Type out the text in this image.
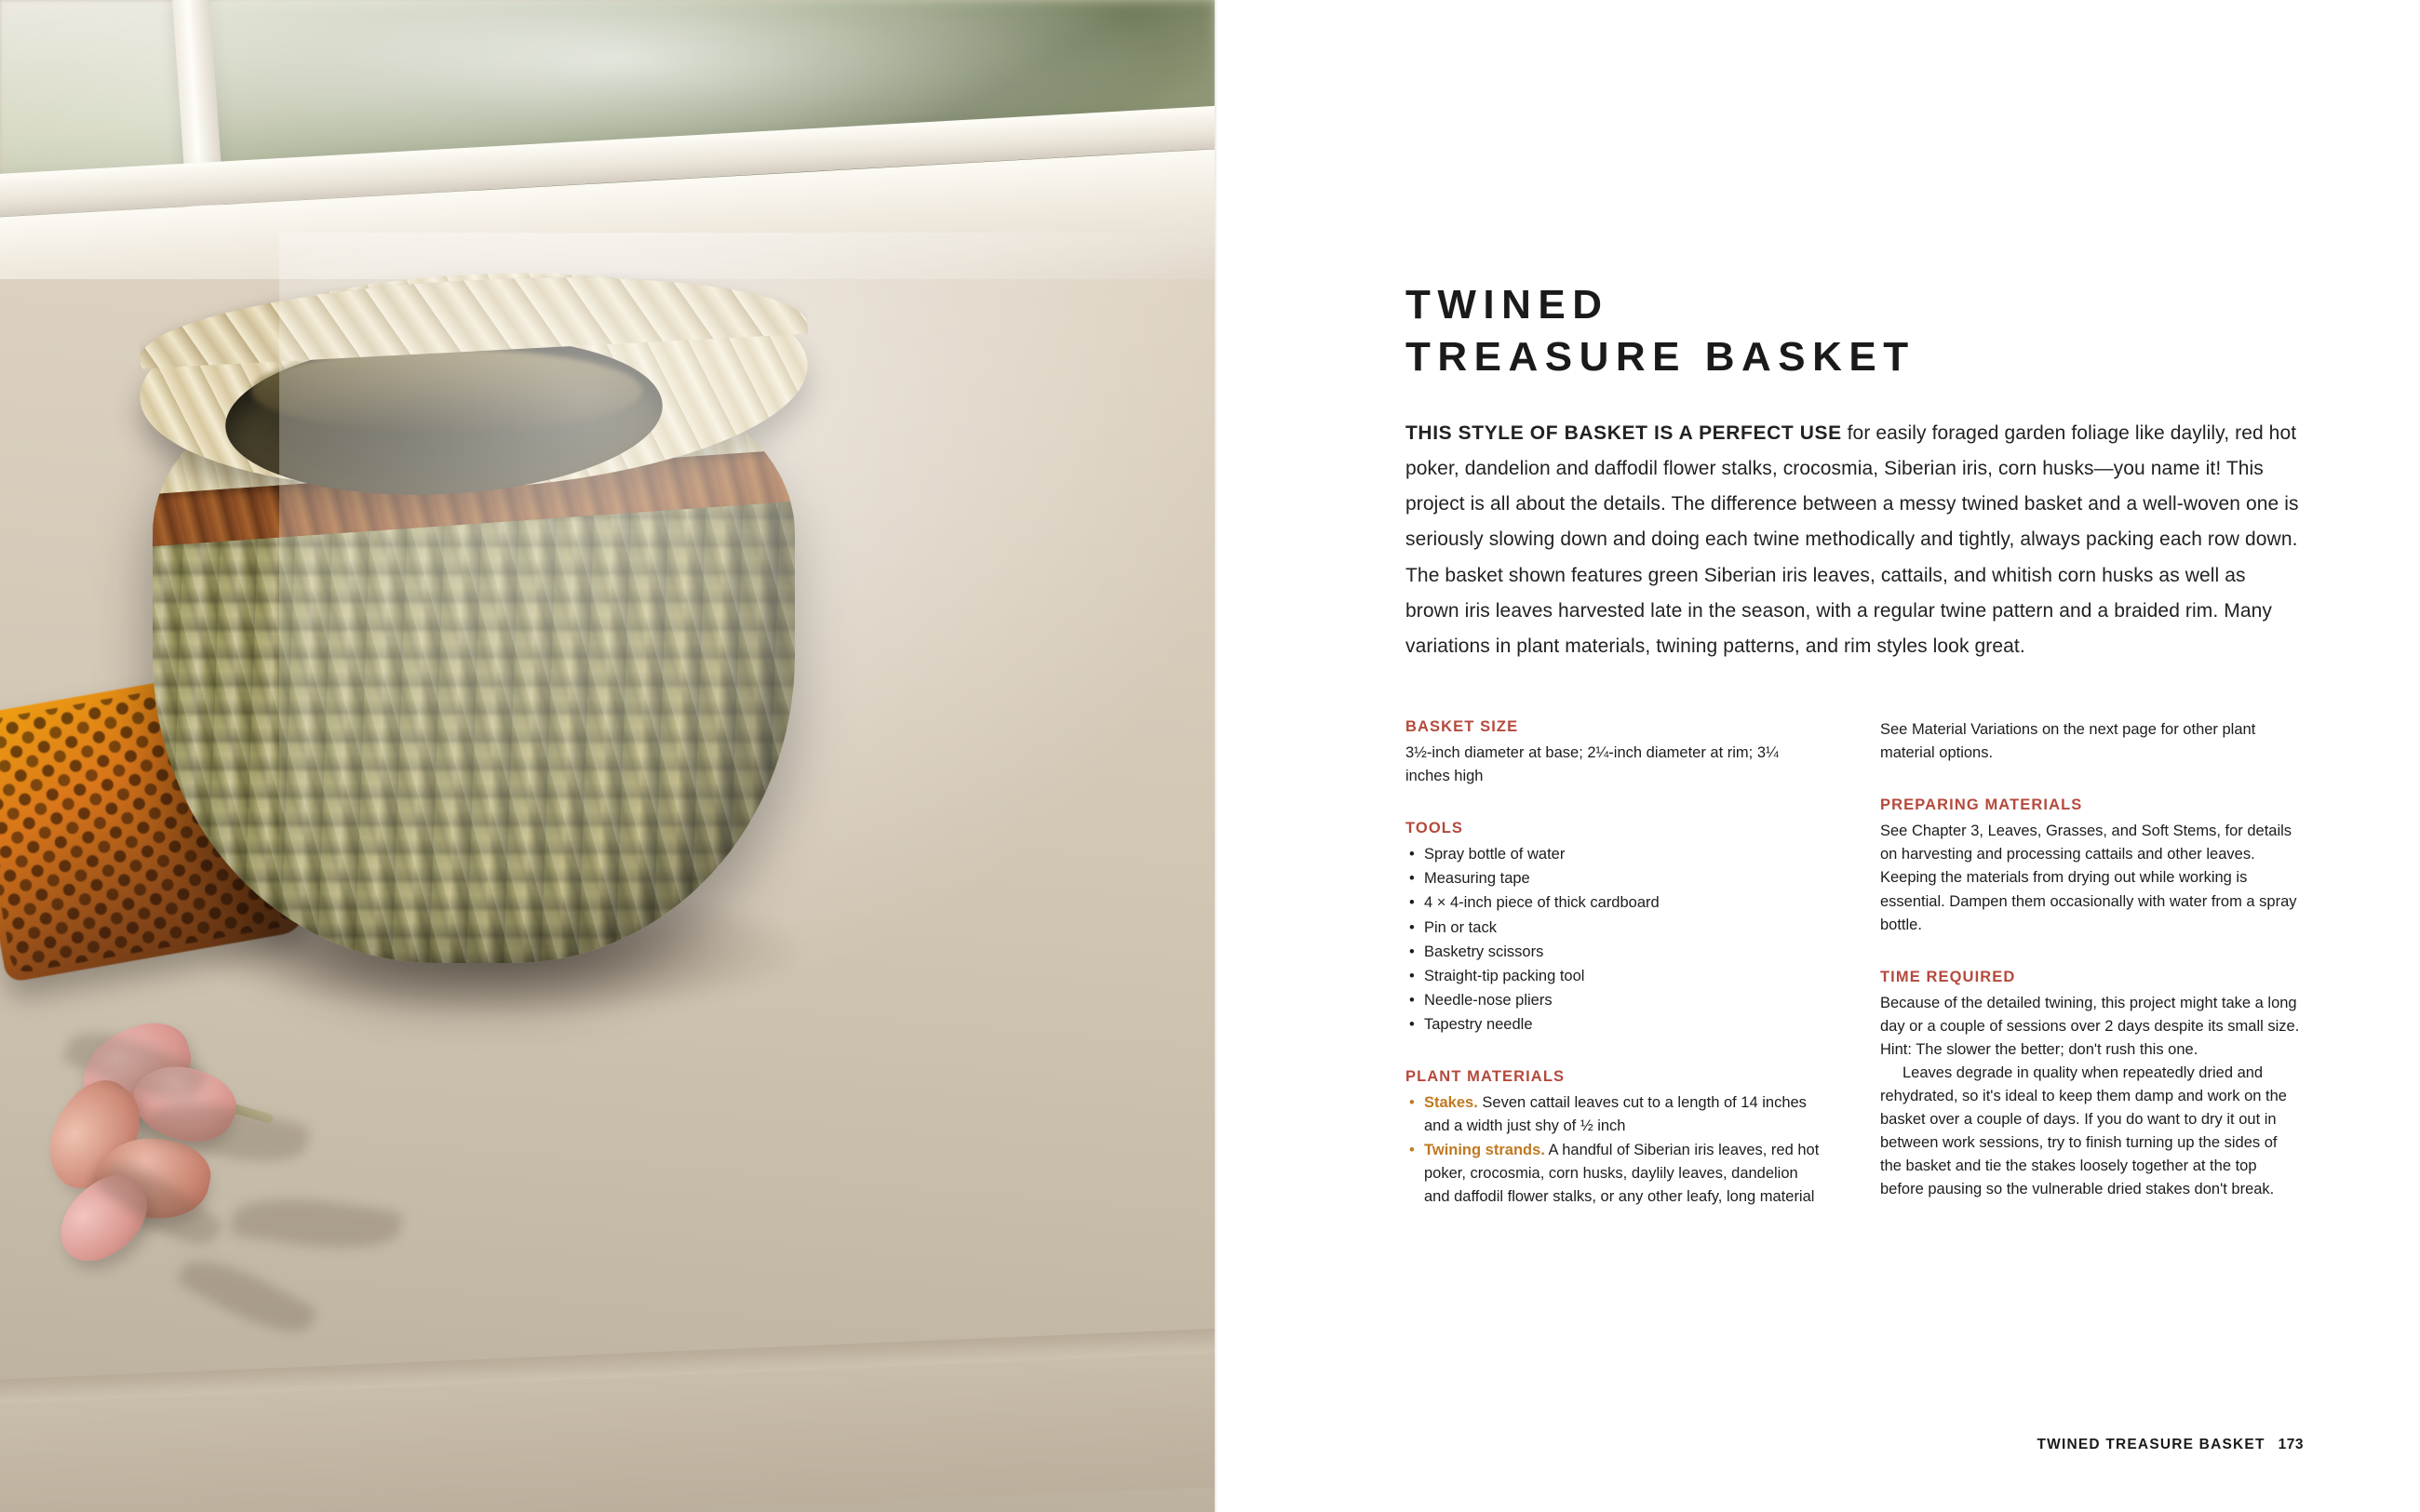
TWINED
TREASURE BASKET

THIS STYLE OF BASKET IS A PERFECT USE for easily foraged garden foliage like daylily, red hot poker, dandelion and daffodil flower stalks, crocosmia, Siberian iris, corn husks—you name it! This project is all about the details. The difference between a messy twined basket and a well-woven one is seriously slowing down and doing each twine methodically and tightly, always packing each row down. The basket shown features green Siberian iris leaves, cattails, and whitish corn husks as well as brown iris leaves harvested late in the season, with a regular twine pattern and a braided rim. Many variations in plant materials, twining patterns, and rim styles look great.

BASKET SIZE

3½-inch diameter at base; 2¼-inch diameter at rim; 3¼ inches high

TOOLS
• Spray bottle of water
• Measuring tape
• 4 × 4-inch piece of thick cardboard
• Pin or tack
• Basketry scissors
• Straight-tip packing tool
• Needle-nose pliers
• Tapestry needle
PLANT MATERIALS
• Stakes. Seven cattail leaves cut to a length of 14 inches and a width just shy of ½ inch
• Twining strands. A handful of Siberian iris leaves, red hot poker, crocosmia, corn husks, daylily leaves, dandelion and daffodil flower stalks, or any other leafy, long material

See Material Variations on the next page for other plant material options.

PREPARING MATERIALS

See Chapter 3, Leaves, Grasses, and Soft Stems, for details on harvesting and processing cattails and other leaves. Keeping the materials from drying out while working is essential. Dampen them occasionally with water from a spray bottle.

TIME REQUIRED

Because of the detailed twining, this project might take a long day or a couple of sessions over 2 days despite its small size. Hint: The slower the better; don't rush this one.

Leaves degrade in quality when repeatedly dried and rehydrated, so it's ideal to keep them damp and work on the basket over a couple of days. If you do want to dry it out in between work sessions, try to finish turning up the sides of the basket and tie the stakes loosely together at the top before pausing so the vulnerable dried stakes don't break.

TWINED TREASURE BASKET 173
